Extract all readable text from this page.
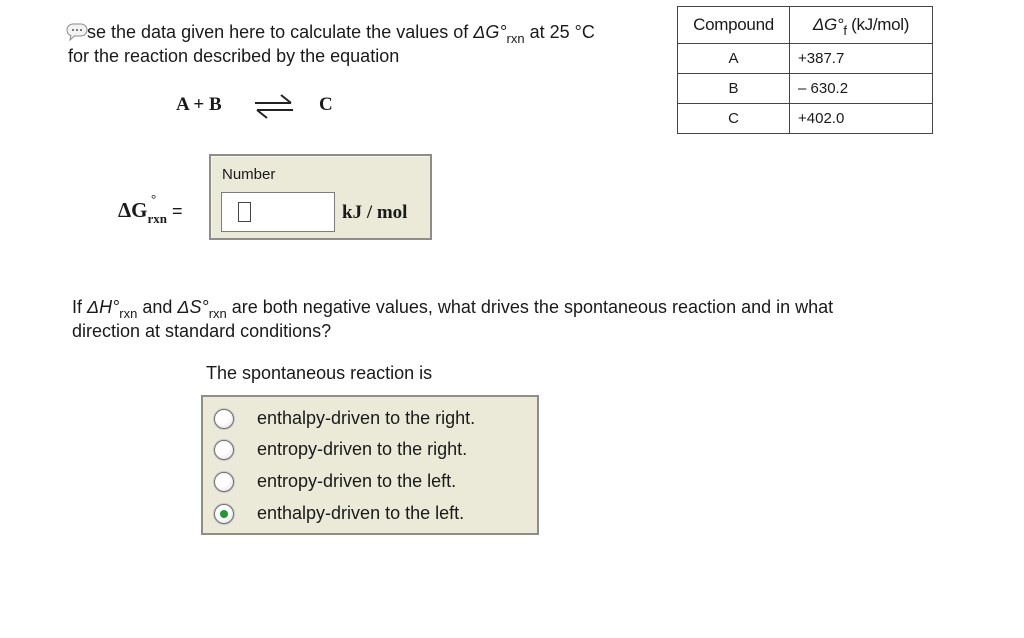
se the data given here to calculate the values of $\Delta G^\circ_{rxn}$ at 25 °C
for the reaction described by the equation
A + B ⇌ C
Compound	$\Delta G^\circ_f$ (kJ/mol)
A	+387.7
B	– 630.2
C	+402.0
ΔG °
$_{rxn}$ =
Number
kJ / mol
If $\Delta H^\circ_{rxn}$ and $\Delta S^\circ_{rxn}$ are both negative values, what drives the spontaneous reaction and in what
direction at standard conditions?
The spontaneous reaction is
enthalpy-driven to the right.
entropy-driven to the right.
entropy-driven to the left.
enthalpy-driven to the left.
